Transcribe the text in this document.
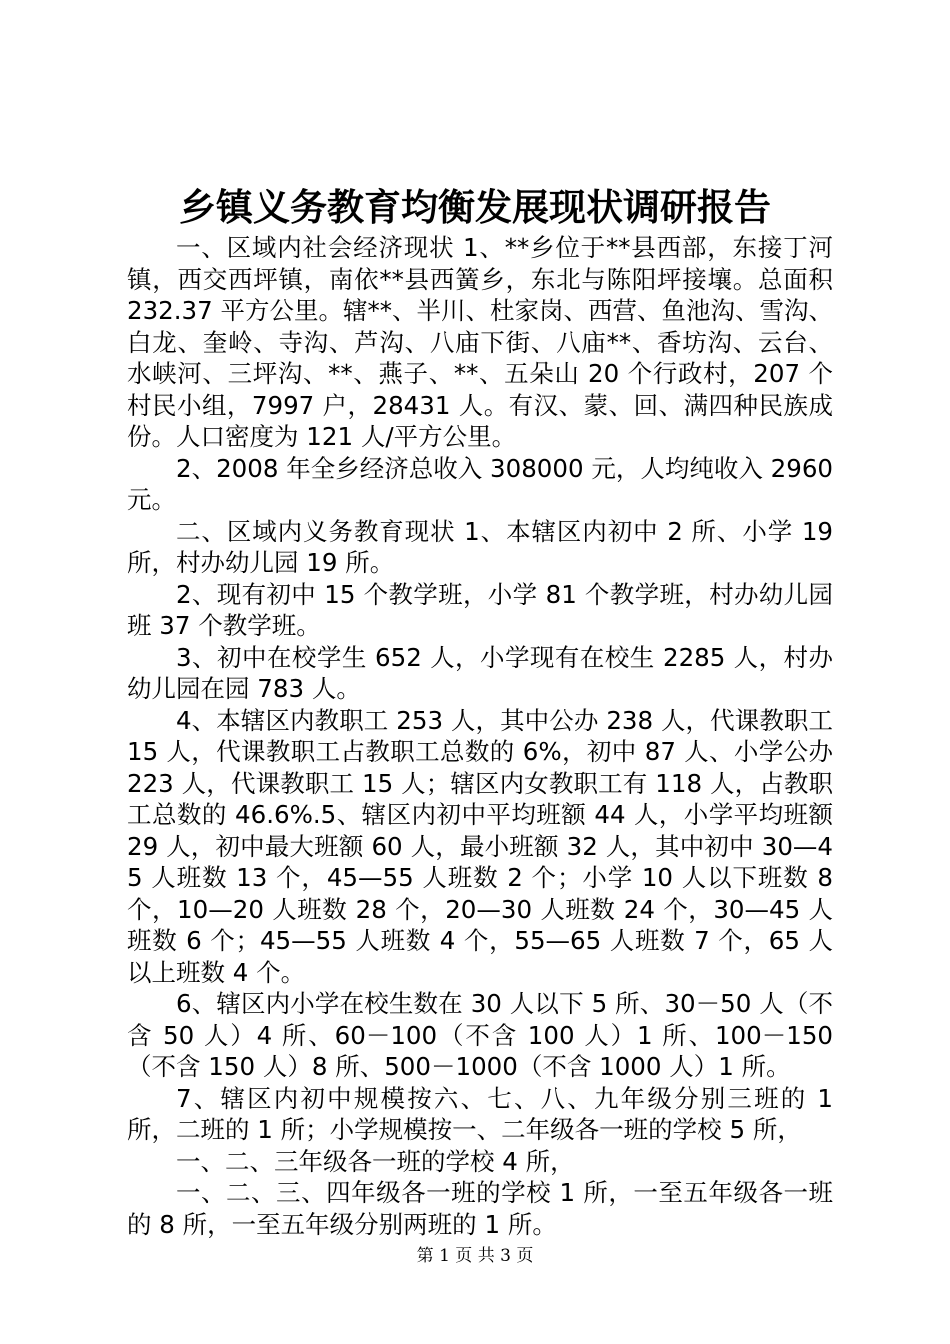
乡镇义务教育均衡发展现状调研报告

一、区域内社会经济现状 1、**乡位于**县西部，东接丁河镇，西交西坪镇，南依**县西簧乡，东北与陈阳坪接壤。总面积 232.37 平方公里。辖**、半川、杜家岗、西营、鱼池沟、雪沟、白龙、奎岭、寺沟、芦沟、八庙下街、八庙**、香坊沟、云台、水峡河、三坪沟、**、燕子、**、五朵山 20 个行政村，207 个村民小组，7997 户，28431 人。有汉、蒙、回、满四种民族成份。人口密度为 121 人/平方公里。

2、2008 年全乡经济总收入 308000 元，人均纯收入 2960 元。

二、区域内义务教育现状 1、本辖区内初中 2 所、小学 19 所，村办幼儿园 19 所。

2、现有初中 15 个教学班，小学 81 个教学班，村办幼儿园班 37 个教学班。

3、初中在校学生 652 人，小学现有在校生 2285 人，村办幼儿园在园 783 人。

4、本辖区内教职工 253 人，其中公办 238 人，代课教职工 15 人，代课教职工占教职工总数的 6%，初中 87 人、小学公办 223 人，代课教职工 15 人；辖区内女教职工有 118 人，占教职工总数的 46.6%.5、辖区内初中平均班额 44 人，小学平均班额 29 人，初中最大班额 60 人，最小班额 32 人，其中初中 30—45 人班数 13 个，45—55 人班数 2 个；小学 10 人以下班数 8 个，10—20 人班数 28 个，20—30 人班数 24 个，30—45 人班数 6 个；45—55 人班数 4 个，55—65 人班数 7 个，65 人以上班数 4 个。

6、辖区内小学在校生数在 30 人以下 5 所、30－50 人（不含 50 人）4 所、60－100（不含 100 人）1 所、100－150（不含 150 人）8 所、500－1000（不含 1000 人）1 所。

7、辖区内初中规模按六、七、八、九年级分别三班的 1 所，二班的 1 所；小学规模按一、二年级各一班的学校 5 所，

一、二、三年级各一班的学校 4 所，

一、二、三、四年级各一班的学校 1 所，一至五年级各一班的 8 所，一至五年级分别两班的 1 所。

第 1 页 共 3 页
